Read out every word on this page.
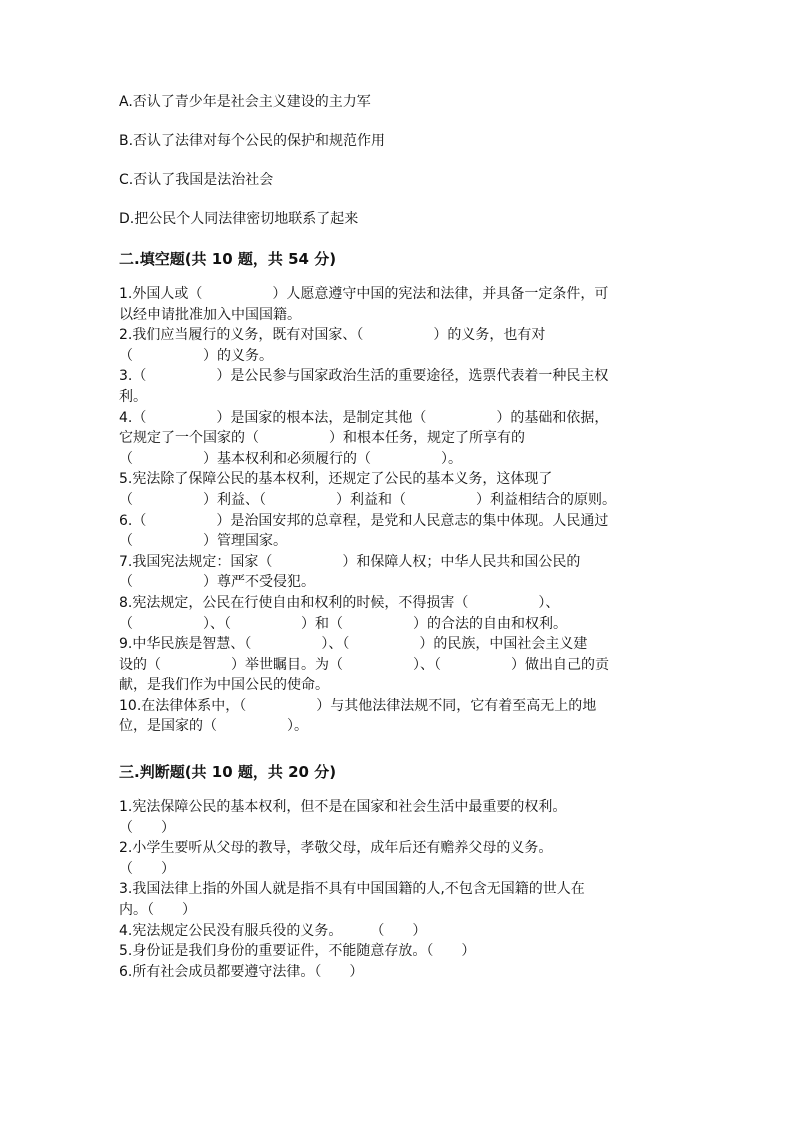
A.否认了青少年是社会主义建设的主力军

B.否认了法律对每个公民的保护和规范作用

C.否认了我国是法治社会

D.把公民个人同法律密切地联系了起来

二.填空题(共 10 题，共 54 分)
1.外国人或（　　　　　）人愿意遵守中国的宪法和法律，并具备一定条件，可
以经申请批准加入中国国籍。
2.我们应当履行的义务，既有对国家、（　　　　　）的义务，也有对
（　　　　　）的义务。
3.（　　　　　）是公民参与国家政治生活的重要途径，选票代表着一种民主权
利。
4.（　　　　　）是国家的根本法，是制定其他（　　　　　）的基础和依据，
它规定了一个国家的（　　　　　）和根本任务，规定了所享有的
（　　　　　）基本权利和必须履行的（　　　　　）。
5.宪法除了保障公民的基本权利，还规定了公民的基本义务，这体现了
（　　　　　）利益、（　　　　　）利益和（　　　　　）利益相结合的原则。
6.（　　　　　）是治国安邦的总章程，是党和人民意志的集中体现。人民通过
（　　　　　）管理国家。
7.我国宪法规定：国家（　　　　　）和保障人权；中华人民共和国公民的
（　　　　　）尊严不受侵犯。
8.宪法规定，公民在行使自由和权利的时候，不得损害（　　　　　）、
（　　　　　）、（　　　　　）和（　　　　　）的合法的自由和权利。
9.中华民族是智慧、（　　　　　）、（　　　　　）的民族，中国社会主义建
设的（　　　　　）举世瞩目。为（　　　　　）、（　　　　　）做出自己的贡
献，是我们作为中国公民的使命。
10.在法律体系中，（　　　　　）与其他法律法规不同，它有着至高无上的地
位，是国家的（　　　　　）。
三.判断题(共 10 题，共 20 分)
1.宪法保障公民的基本权利，但不是在国家和社会生活中最重要的权利。
（　　）
2.小学生要听从父母的教导，孝敬父母，成年后还有赡养父母的义务。
（　　）
3.我国法律上指的外国人就是指不具有中国国籍的人,不包含无国籍的世人在
内。（　　）
4.宪法规定公民没有服兵役的义务。　　　（　　）
5.身份证是我们身份的重要证件，不能随意存放。（　　）
6.所有社会成员都要遵守法律。（　　）
